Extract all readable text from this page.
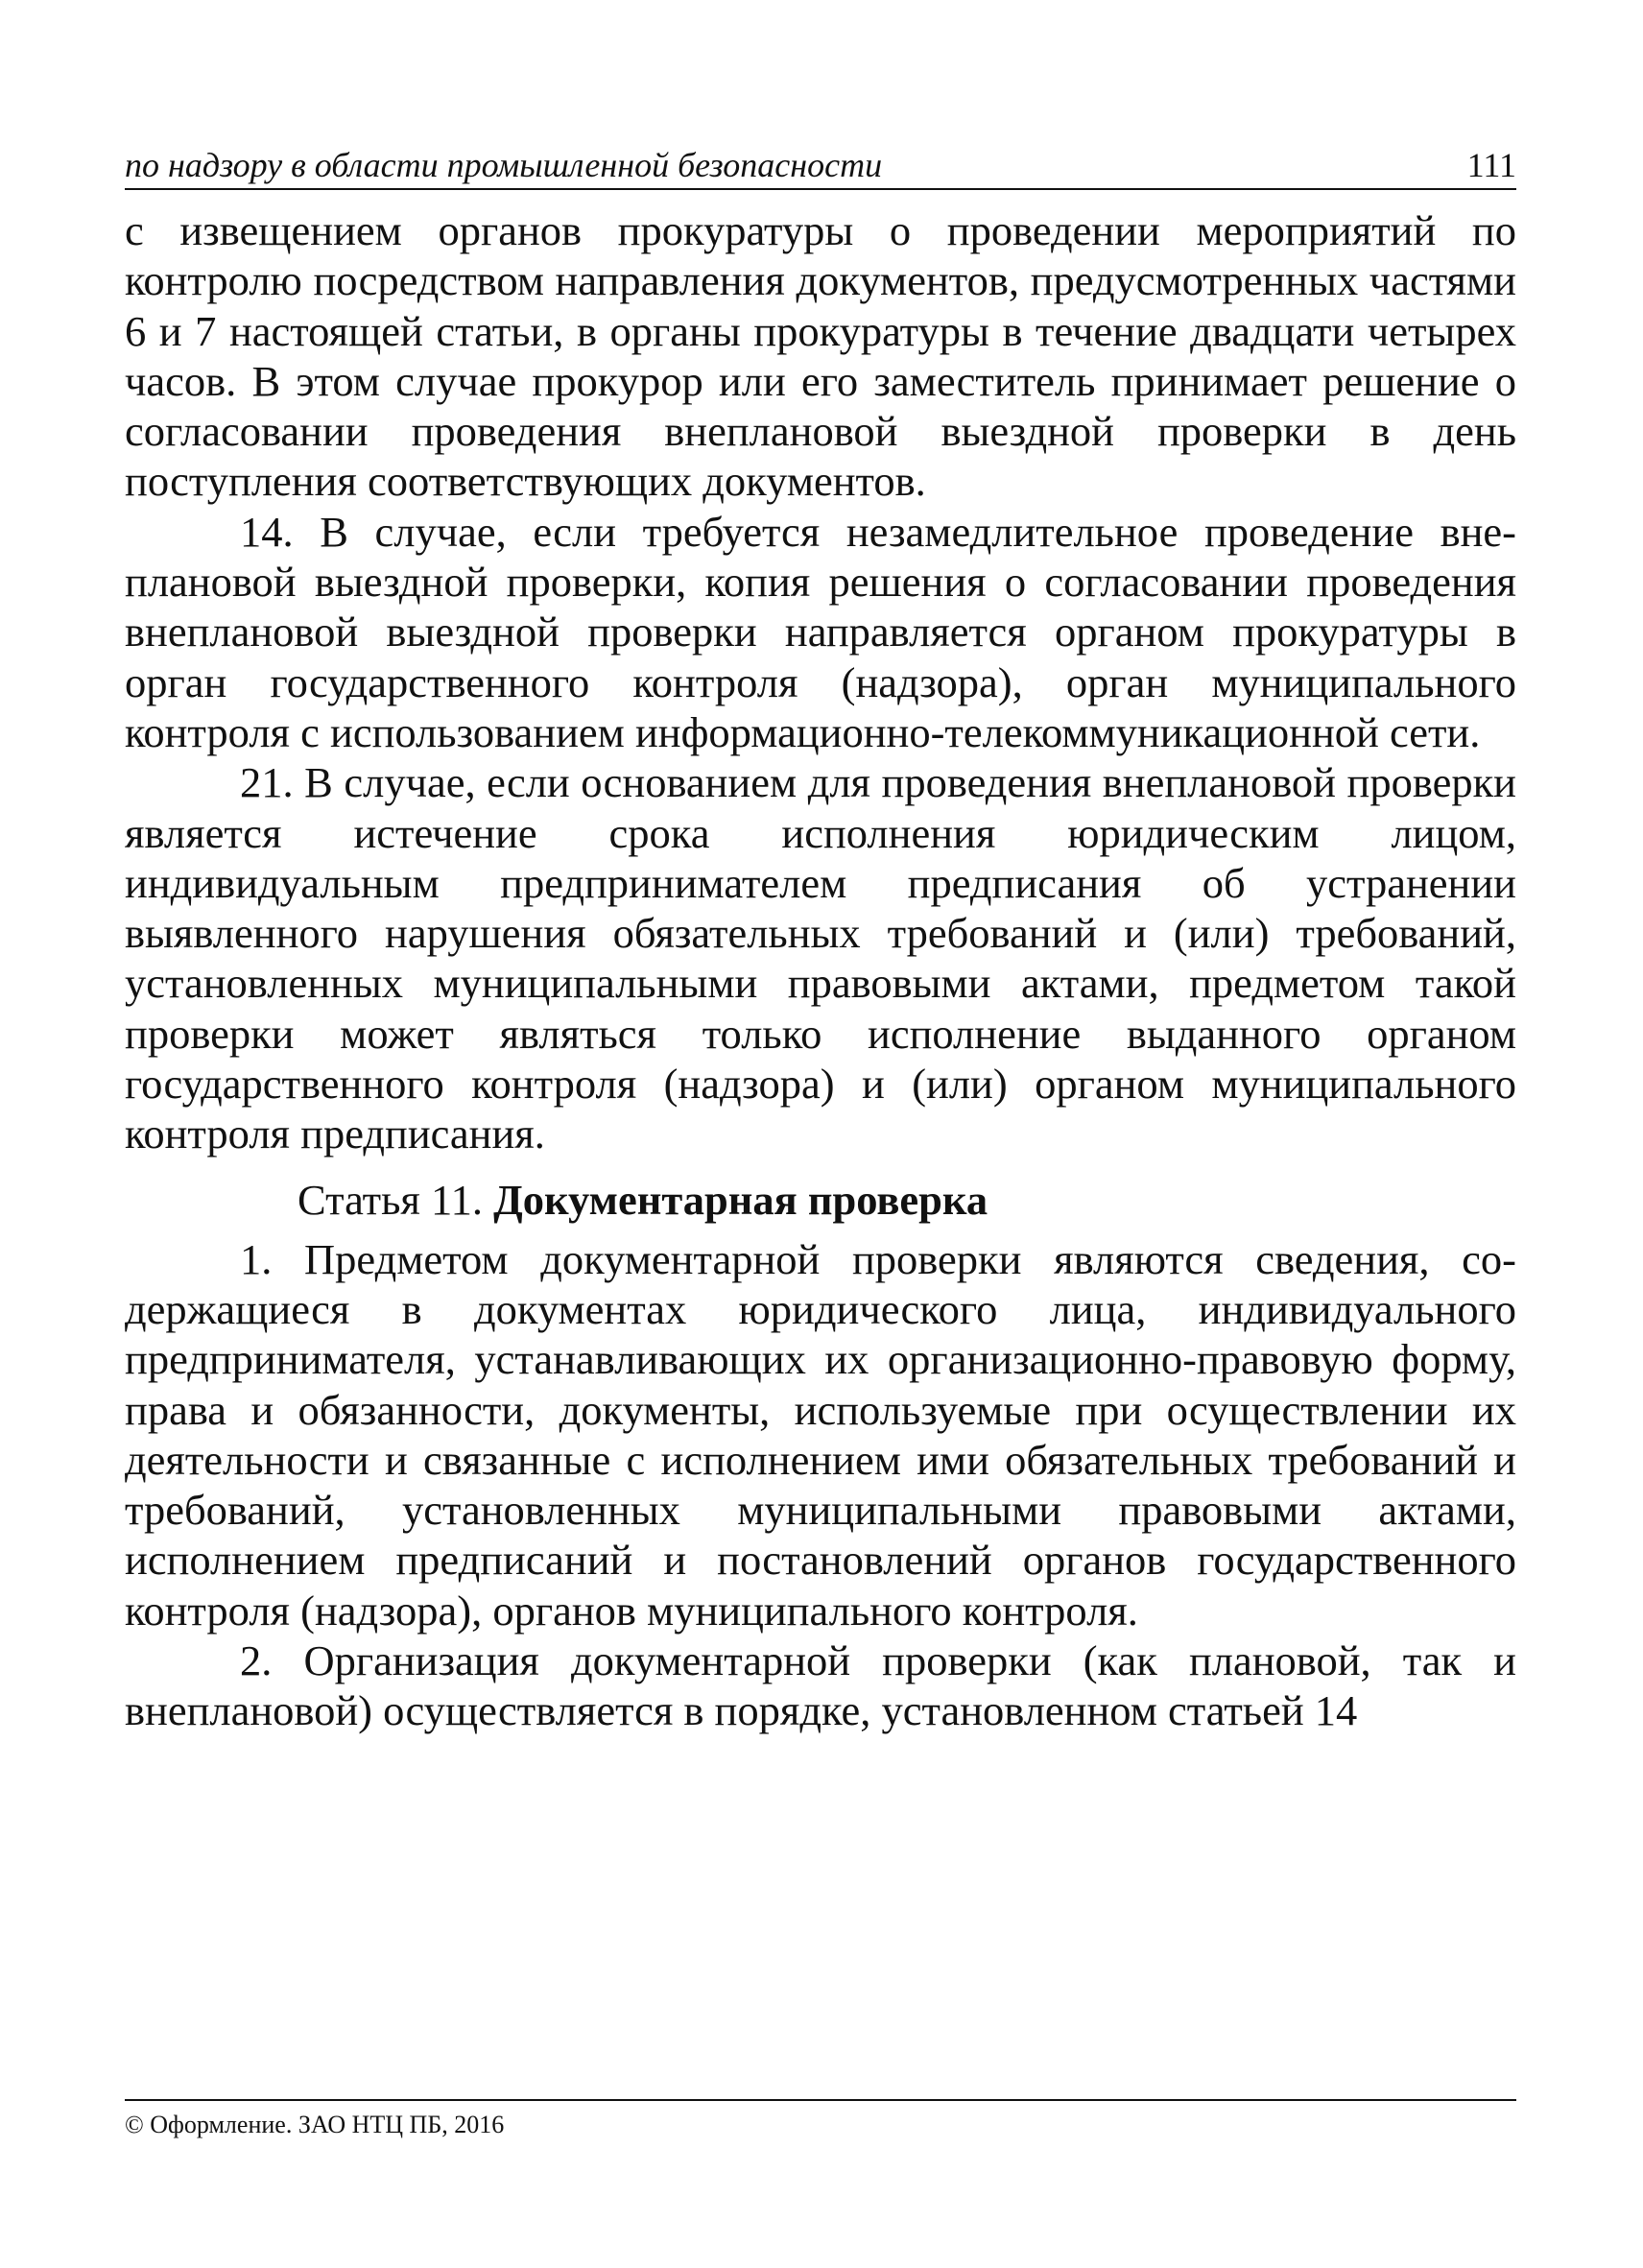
по надзору в области промышленной безопасности	111

с извещением органов прокуратуры о проведении мероприятий по контролю посредством направления документов, предусмотренных частями 6 и 7 настоящей статьи, в органы прокуратуры в течение двадцати четырех часов. В этом случае прокурор или его заместитель принимает решение о согласовании проведения внеплановой выездной проверки в день поступления соответствующих документов.

14. В случае, если требуется незамедлительное проведение внеплановой выездной проверки, копия решения о согласовании проведения внеплановой выездной проверки направляется органом прокуратуры в орган государственного контроля (надзора), орган муниципального контроля с использованием информационно-телекоммуникационной сети.

21. В случае, если основанием для проведения внеплановой проверки является истечение срока исполнения юридическим лицом, индивидуальным предпринимателем предписания об устранении выявленного нарушения обязательных требований и (или) требований, установленных муниципальными правовыми актами, предметом такой проверки может являться только исполнение выданного органом государственного контроля (надзора) и (или) органом муниципального контроля предписания.

Статья 11. Документарная проверка

1. Предметом документарной проверки являются сведения, содержащиеся в документах юридического лица, индивидуального предпринимателя, устанавливающих их организационно-правовую форму, права и обязанности, документы, используемые при осуществлении их деятельности и связанные с исполнением ими обязательных требований и требований, установленных муниципальными правовыми актами, исполнением предписаний и постановлений органов государственного контроля (надзора), органов муниципального контроля.

2. Организация документарной проверки (как плановой, так и внеплановой) осуществляется в порядке, установленном статьей 14

© Оформление. ЗАО НТЦ ПБ, 2016
